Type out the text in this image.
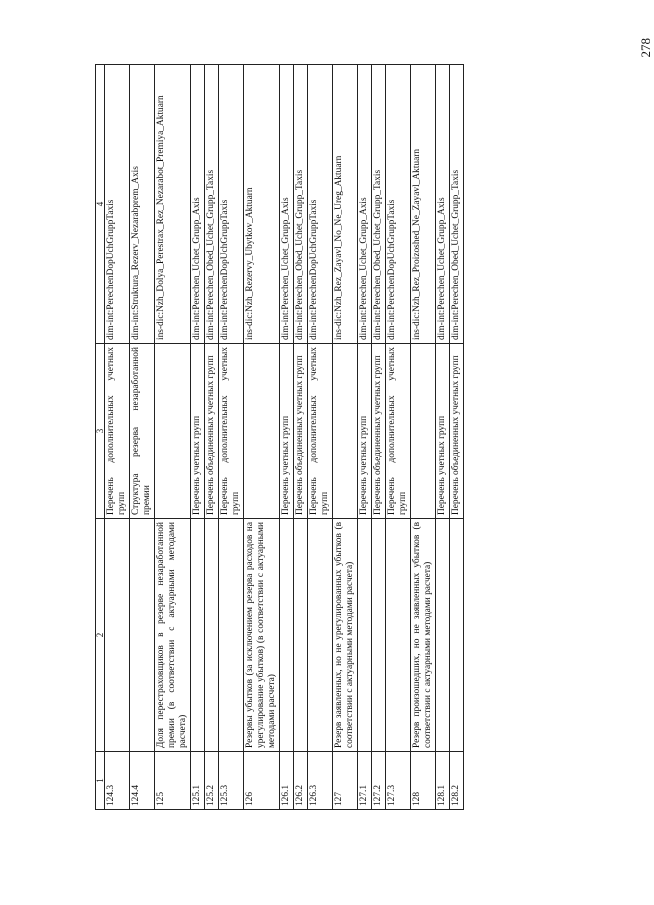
278
1	2	3	4
124.3		Перечень дополнительных учетных групп	dim-int:PerechenDopUchGruppTaxis
124.4		Структура резерва незаработанной премии	dim-int:Struktura_Rezerv_Nezarabprem_Axis
125	Доля перестраховщиков в резерве незаработанной премии (в соответствии с актуарными методами расчета)		ins-dic:Nzh_Dolya_Perestrax_Rez_Nezarabot_Premiya_Aktuarn
125.1		Перечень учетных групп	dim-int:Perechen_Uchet_Grupp_Axis
125.2		Перечень объединенных учетных групп	dim-int:Perechen_Obed_Uchet_Grupp_Taxis
125.3		Перечень дополнительных учетных групп	dim-int:PerechenDopUchGruppTaxis
126	Резервы убытков (за исключением резерва расходов на урегулирование убытков) (в соответствии с актуарными методами расчета)		ins-dic:Nzh_Rezervy_Ubytkov_Aktuarn
126.1		Перечень учетных групп	dim-int:Perechen_Uchet_Grupp_Axis
126.2		Перечень объединенных учетных групп	dim-int:Perechen_Obed_Uchet_Grupp_Taxis
126.3		Перечень дополнительных учетных групп	dim-int:PerechenDopUchGruppTaxis
127	Резерв заявленных, но не урегулированных убытков (в соответствии с актуарными методами расчета)		ins-dic:Nzh_Rez_Zayavl_No_Ne_Ureg_Aktuarn
127.1		Перечень учетных групп	dim-int:Perechen_Uchet_Grupp_Axis
127.2		Перечень объединенных учетных групп	dim-int:Perechen_Obed_Uchet_Grupp_Taxis
127.3		Перечень дополнительных учетных групп	dim-int:PerechenDopUchGruppTaxis
128	Резерв произошедших, но не заявленных убытков (в соответствии с актуарными методами расчета)		ins-dic:Nzh_Rez_Proizoshed_Ne_Zayavl_Aktuarn
128.1		Перечень учетных групп	dim-int:Perechen_Uchet_Grupp_Axis
128.2		Перечень объединенных учетных групп	dim-int:Perechen_Obed_Uchet_Grupp_Taxis
